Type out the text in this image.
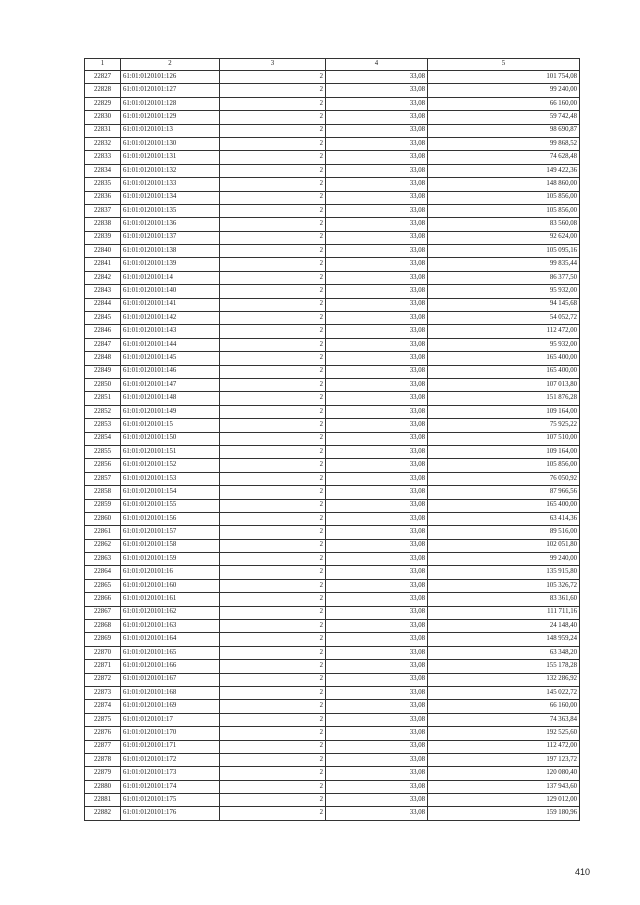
1	2	3	4	5
22827	61:01:0120101:126	2	33,08	101 754,08
22828	61:01:0120101:127	2	33,08	99 240,00
22829	61:01:0120101:128	2	33,08	66 160,00
22830	61:01:0120101:129	2	33,08	59 742,48
22831	61:01:0120101:13	2	33,08	98 690,87
22832	61:01:0120101:130	2	33,08	99 868,52
22833	61:01:0120101:131	2	33,08	74 628,48
22834	61:01:0120101:132	2	33,08	149 422,36
22835	61:01:0120101:133	2	33,08	148 860,00
22836	61:01:0120101:134	2	33,08	105 856,00
22837	61:01:0120101:135	2	33,08	105 856,00
22838	61:01:0120101:136	2	33,08	83 560,08
22839	61:01:0120101:137	2	33,08	92 624,00
22840	61:01:0120101:138	2	33,08	105 095,16
22841	61:01:0120101:139	2	33,08	99 835,44
22842	61:01:0120101:14	2	33,08	86 377,50
22843	61:01:0120101:140	2	33,08	95 932,00
22844	61:01:0120101:141	2	33,08	94 145,68
22845	61:01:0120101:142	2	33,08	54 052,72
22846	61:01:0120101:143	2	33,08	112 472,00
22847	61:01:0120101:144	2	33,08	95 932,00
22848	61:01:0120101:145	2	33,08	165 400,00
22849	61:01:0120101:146	2	33,08	165 400,00
22850	61:01:0120101:147	2	33,08	107 013,80
22851	61:01:0120101:148	2	33,08	151 876,28
22852	61:01:0120101:149	2	33,08	109 164,00
22853	61:01:0120101:15	2	33,08	75 925,22
22854	61:01:0120101:150	2	33,08	107 510,00
22855	61:01:0120101:151	2	33,08	109 164,00
22856	61:01:0120101:152	2	33,08	105 856,00
22857	61:01:0120101:153	2	33,08	76 050,92
22858	61:01:0120101:154	2	33,08	87 966,56
22859	61:01:0120101:155	2	33,08	165 400,00
22860	61:01:0120101:156	2	33,08	63 414,36
22861	61:01:0120101:157	2	33,08	89 516,00
22862	61:01:0120101:158	2	33,08	102 051,80
22863	61:01:0120101:159	2	33,08	99 240,00
22864	61:01:0120101:16	2	33,08	135 915,80
22865	61:01:0120101:160	2	33,08	105 326,72
22866	61:01:0120101:161	2	33,08	83 361,60
22867	61:01:0120101:162	2	33,08	111 711,16
22868	61:01:0120101:163	2	33,08	24 148,40
22869	61:01:0120101:164	2	33,08	148 959,24
22870	61:01:0120101:165	2	33,08	63 348,20
22871	61:01:0120101:166	2	33,08	155 178,28
22872	61:01:0120101:167	2	33,08	132 286,92
22873	61:01:0120101:168	2	33,08	145 022,72
22874	61:01:0120101:169	2	33,08	66 160,00
22875	61:01:0120101:17	2	33,08	74 363,84
22876	61:01:0120101:170	2	33,08	192 525,60
22877	61:01:0120101:171	2	33,08	112 472,00
22878	61:01:0120101:172	2	33,08	197 123,72
22879	61:01:0120101:173	2	33,08	120 080,40
22880	61:01:0120101:174	2	33,08	137 943,60
22881	61:01:0120101:175	2	33,08	129 012,00
22882	61:01:0120101:176	2	33,08	159 180,96
410
